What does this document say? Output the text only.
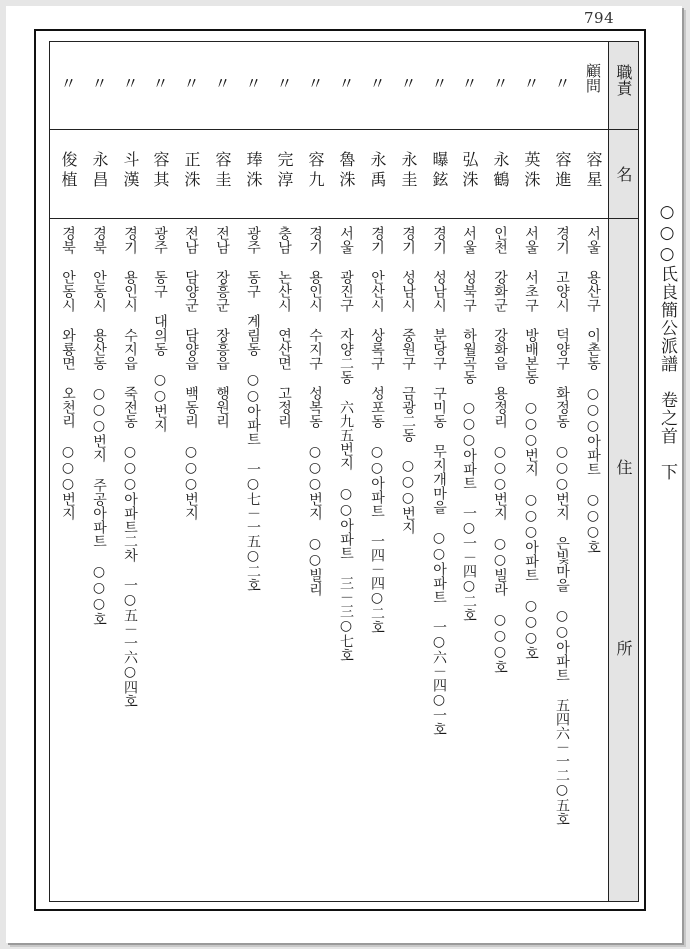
794
職責
名
住
所
○○○氏良簡公派譜　卷之首　下
顧問
容星
서울 용산구 이촌동 ○○○아파트 ○○○호
〃
容進
경기 고양시 덕양구 화정동 ○○○번지 은빛마을 ○○아파트 五四六－一二○五호
〃
英洙
서울 서초구 방배본동 ○○○번지 ○○○아파트 ○○○호
〃
永鶴
인천 강화군 강화읍 용정리 ○○○번지 ○○빌라 ○○○호
〃
弘洙
서울 성북구 하월곡동 ○○○아파트 一○一－四○二호
〃
曝鉉
경기 성남시 분당구 구미동 무지개마을 ○○아파트 一○六－四○一호
〃
永圭
경기 성남시 중원구 금광二동 ○○○번지
〃
永禹
경기 안산시 상록구 성포동 ○○아파트 一四－四○二호
〃
魯洙
서울 광진구 자양二동 六九五번지 ○○아파트 三－三○七호
〃
容九
경기 용인시 수지구 성복동 ○○○번지 ○○빌리
〃
完淳
충남 논산시 연산면 고정리
〃
琫洙
광주 동구 계림동 ○○아파트 一○七－一五○二호
〃
容圭
전남 장흥군 장흥읍 행원리
〃
正洙
전남 담양군 담양읍 백동리 ○○○번지
〃
容其
광주 동구 대의동 ○○번지
〃
斗漢
경기 용인시 수지읍 죽전동 ○○○아파트二차 一○五－一六○四호
〃
永昌
경북 안동시 용산동 ○○○번지 주공아파트 ○○○호
〃
俊植
경북 안동시 와룡면 오천리 ○○○번지
